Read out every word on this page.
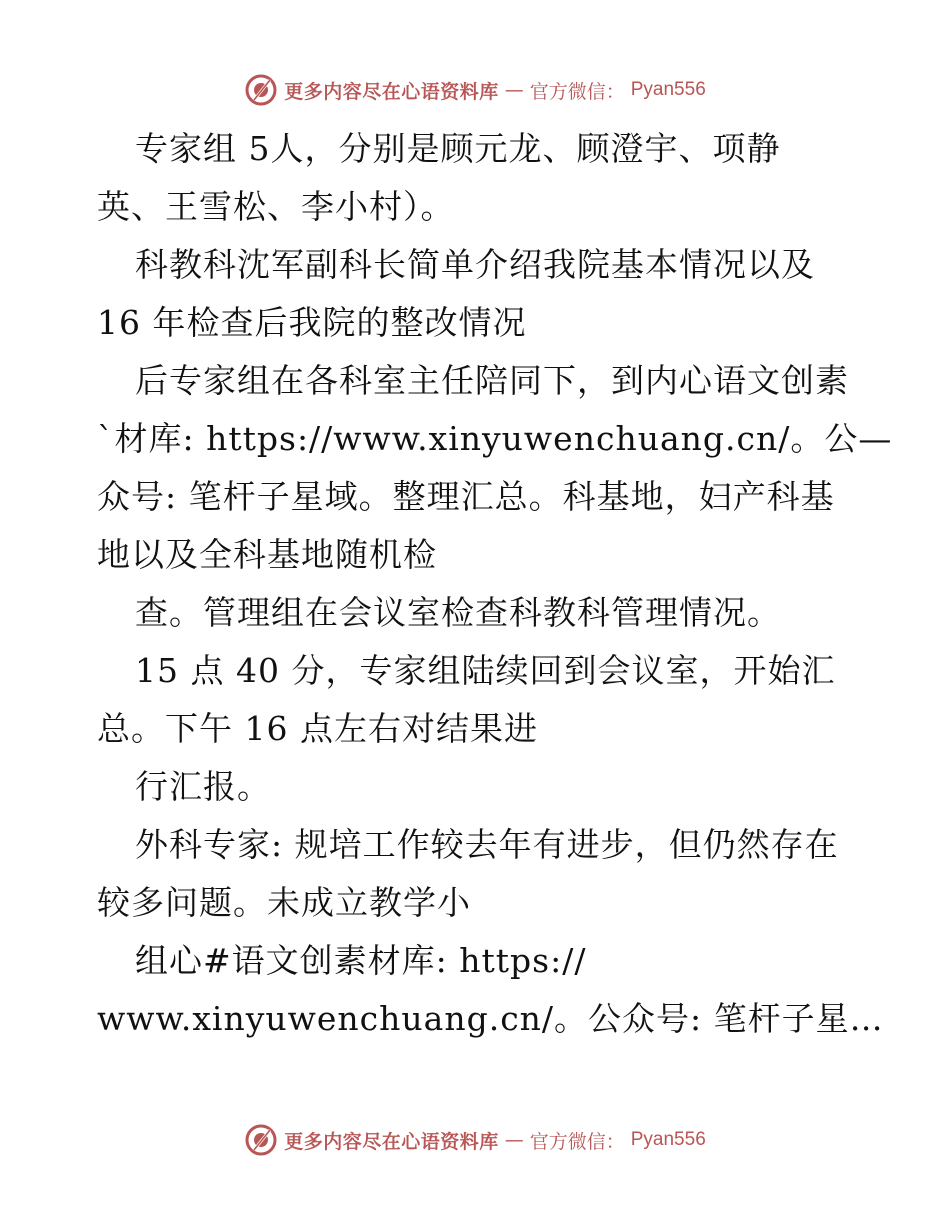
更多内容尽在心语资料库 — 官方微信： Pyan556
专家组 5人，分别是顾元龙、顾澄宇、项静
英、王雪松、李小村）。
科教科沈军副科长简单介绍我院基本情况以及
16 年检查后我院的整改情况
后专家组在各科室主任陪同下，到内心语文创素
`材库: https://www.xinyuwenchuang.cn/。公—
众号: 笔杆子星域。整理汇总。科基地，妇产科基
地以及全科基地随机检
查。管理组在会议室检查科教科管理情况。
15 点 40 分，专家组陆续回到会议室，开始汇
总。下午 16 点左右对结果进
行汇报。
外科专家: 规培工作较去年有进步，但仍然存在
较多问题。未成立教学小
组心#语文创素材库: https://
www.xinyuwenchuang.cn/。公众号: 笔杆子星…
更多内容尽在心语资料库 — 官方微信： Pyan556
